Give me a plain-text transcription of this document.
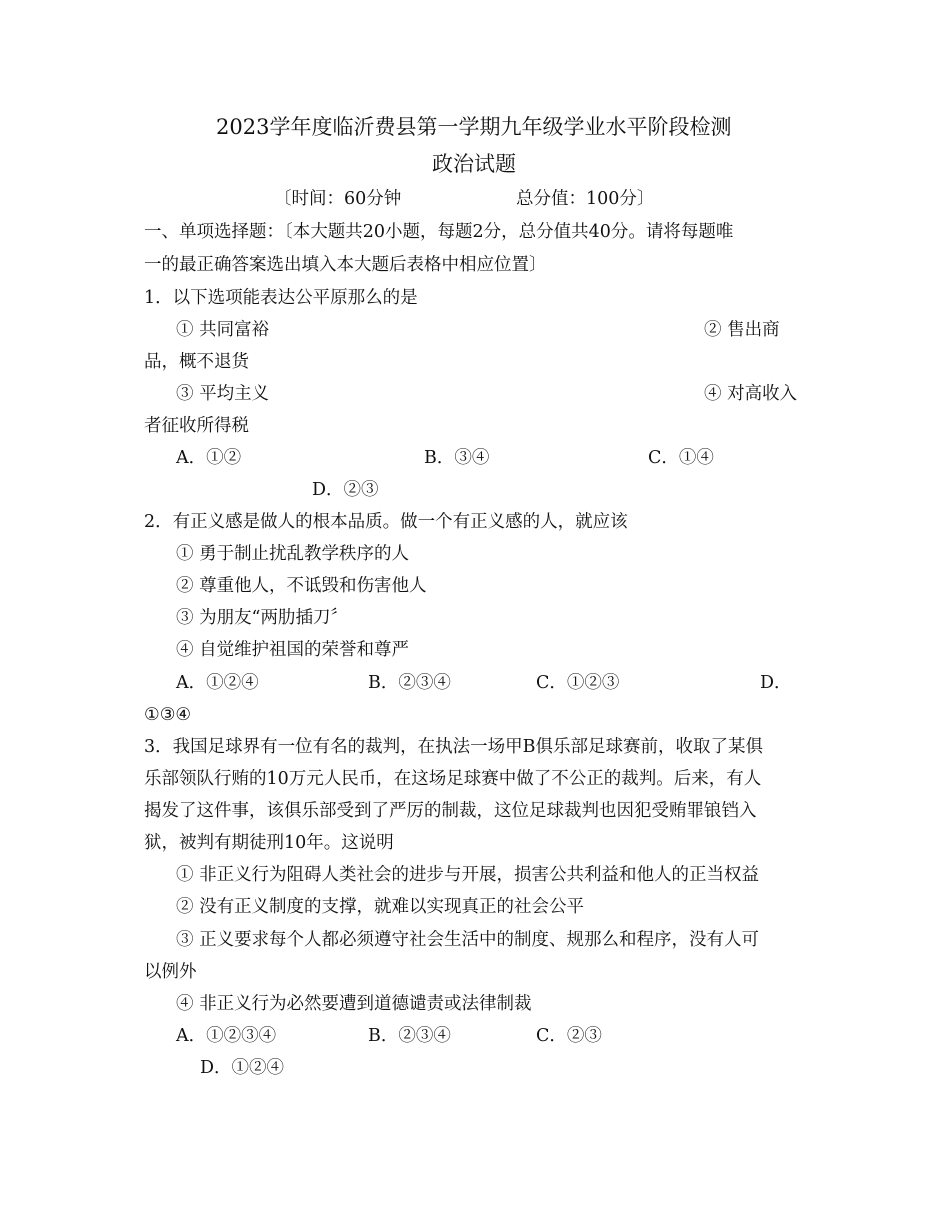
2023学年度临沂费县第一学期九年级学业水平阶段检测
政治试题
〔时间：60分钟	总分值：100分〕
一、单项选择题：〔本大题共20小题，每题2分，总分值共40分。请将每题唯
一的最正确答案选出填入本大题后表格中相应位置〕
1．以下选项能表达公平原那么的是
① 共同富裕	② 售出商
品，概不退货
③ 平均主义	④ 对高收入
者征收所得税
A．①②	B．③④	C．①④
D．②③
2．有正义感是做人的根本品质。做一个有正义感的人，就应该
① 勇于制止扰乱教学秩序的人
② 尊重他人，不诋毁和伤害他人
③ 为朋友“两肋插刀〞
④ 自觉维护祖国的荣誉和尊严
A．①②④	B．②③④	C．①②③	D．
①③④
3．我国足球界有一位有名的裁判，在执法一场甲B俱乐部足球赛前，收取了某俱
乐部领队行贿的10万元人民币，在这场足球赛中做了不公正的裁判。后来，有人
揭发了这件事，该俱乐部受到了严厉的制裁，这位足球裁判也因犯受贿罪锒铛入
狱，被判有期徒刑10年。这说明
① 非正义行为阻碍人类社会的进步与开展，损害公共利益和他人的正当权益
② 没有正义制度的支撑，就难以实现真正的社会公平
③ 正义要求每个人都必须遵守社会生活中的制度、规那么和程序，没有人可
以例外
④ 非正义行为必然要遭到道德谴责或法律制裁
A．①②③④	B．②③④	C．②③
D．①②④
